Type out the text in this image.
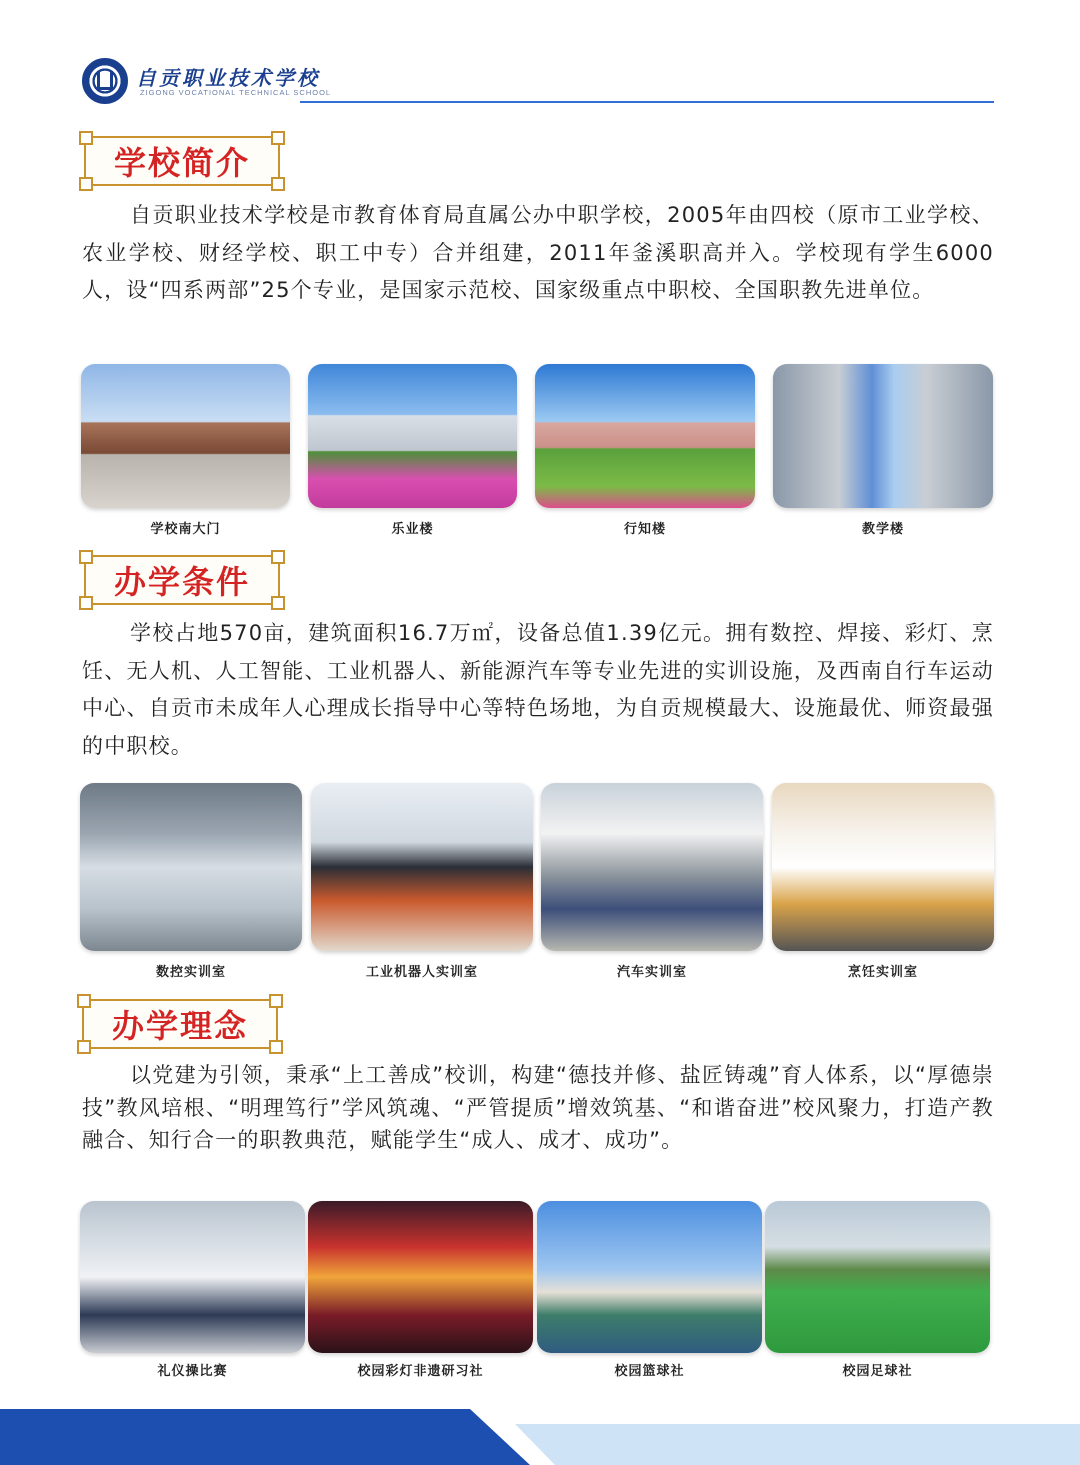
自贡职业技术学校
ZIGONG VOCATIONAL TECHNICAL SCHOOL
学校简介

自贡职业技术学校是市教育体育局直属公办中职学校，2005年由四校（原市工业学校、农业学校、财经学校、职工中专）合并组建，2011年釜溪职高并入。学校现有学生6000人，设“四系两部”25个专业，是国家示范校、国家级重点中职校、全国职教先进单位。

学校南大门	乐业楼	行知楼	教学楼
办学条件

学校占地570亩，建筑面积16.7万㎡，设备总值1.39亿元。拥有数控、焊接、彩灯、烹饪、无人机、人工智能、工业机器人、新能源汽车等专业先进的实训设施，及西南自行车运动中心、自贡市未成年人心理成长指导中心等特色场地，为自贡规模最大、设施最优、师资最强的中职校。

数控实训室	工业机器人实训室	汽车实训室	烹饪实训室
办学理念

以党建为引领，秉承“上工善成”校训，构建“德技并修、盐匠铸魂”育人体系，以“厚德崇技”教风培根、“明理笃行”学风筑魂、“严管提质”增效筑基、“和谐奋进”校风聚力，打造产教融合、知行合一的职教典范，赋能学生“成人、成才、成功”。

礼仪操比赛	校园彩灯非遗研习社	校园篮球社	校园足球社
